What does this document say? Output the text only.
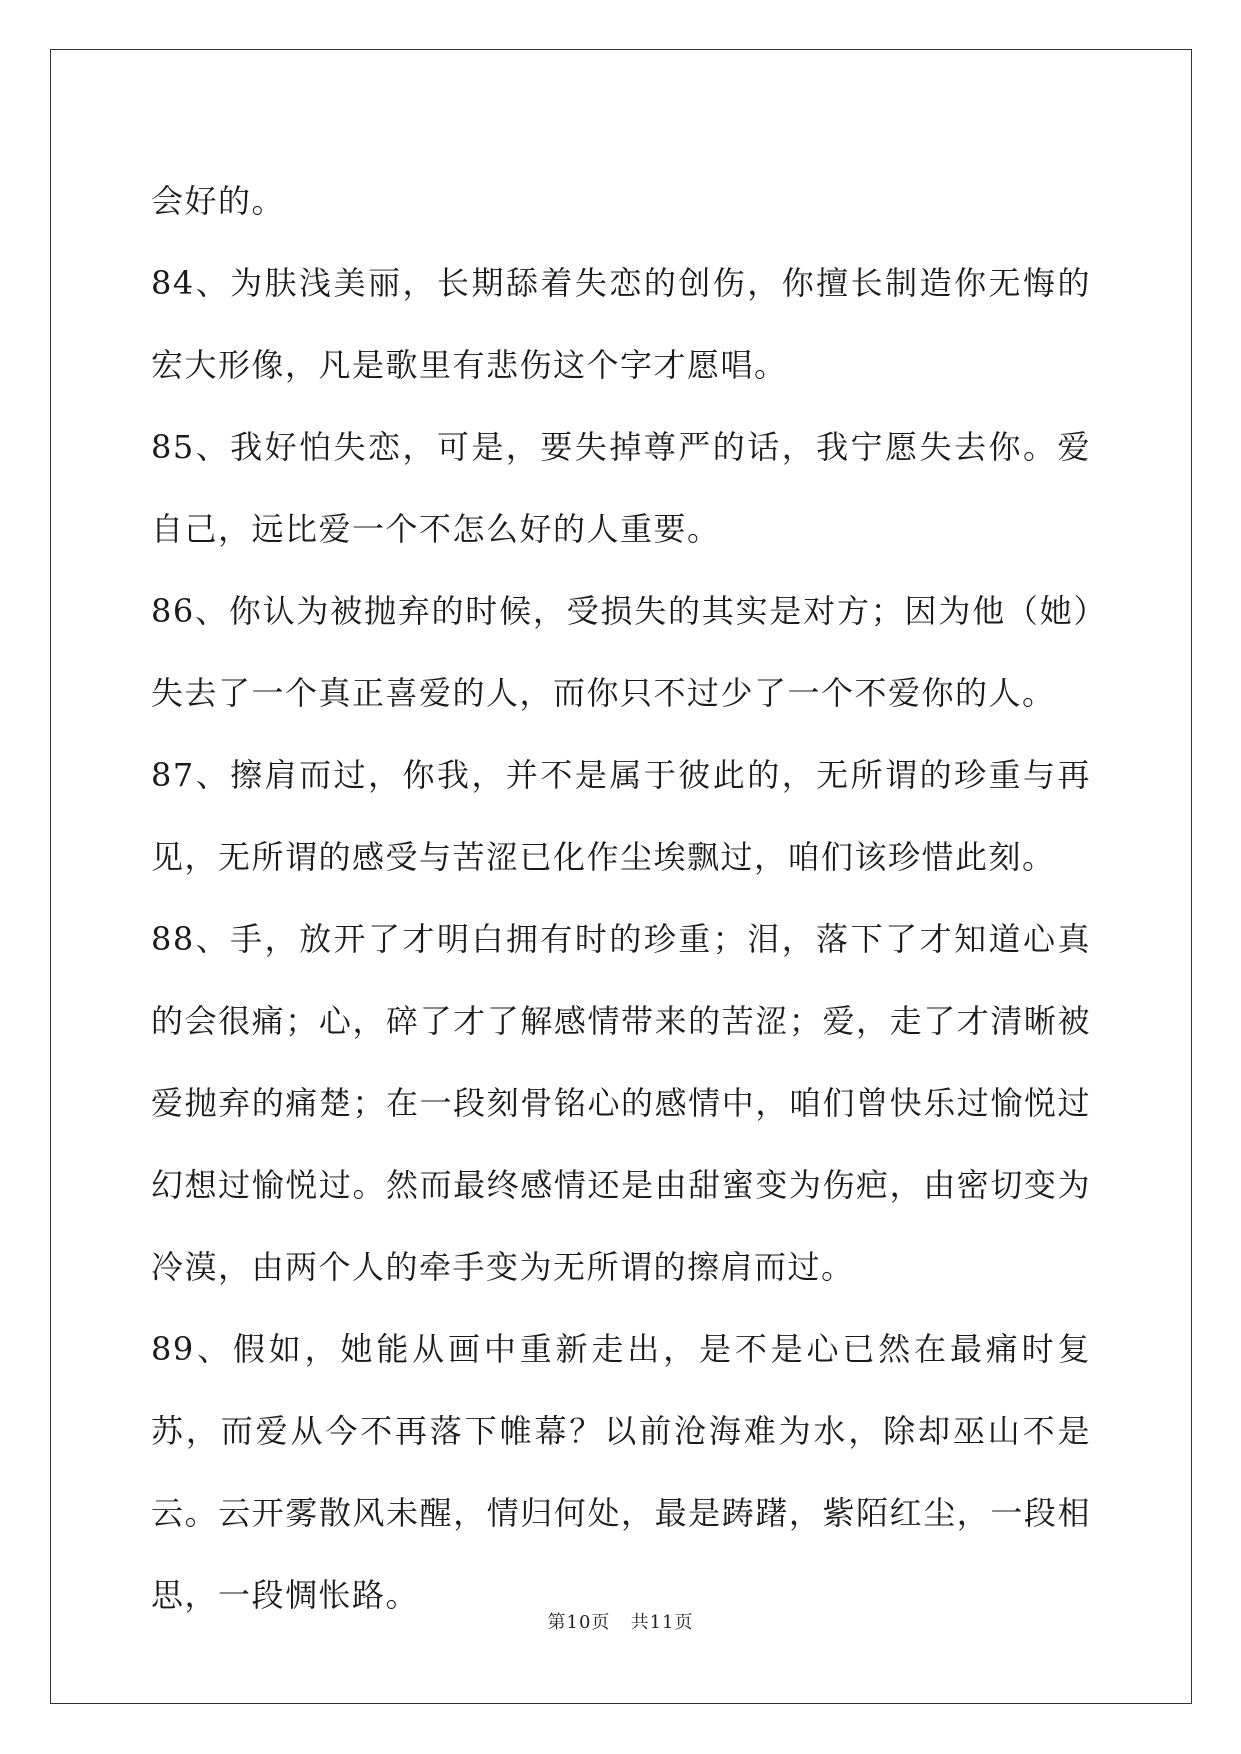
会好的。

84、为肤浅美丽，长期舔着失恋的创伤，你擅长制造你无悔的宏大形像，凡是歌里有悲伤这个字才愿唱。

85、我好怕失恋，可是，要失掉尊严的话，我宁愿失去你。爱自己，远比爱一个不怎么好的人重要。

86、你认为被抛弃的时候，受损失的其实是对方；因为他（她）失去了一个真正喜爱的人，而你只不过少了一个不爱你的人。

87、擦肩而过，你我，并不是属于彼此的，无所谓的珍重与再见，无所谓的感受与苦涩已化作尘埃飘过，咱们该珍惜此刻。

88、手，放开了才明白拥有时的珍重；泪，落下了才知道心真的会很痛；心，碎了才了解感情带来的苦涩；爱，走了才清晰被爱抛弃的痛楚；在一段刻骨铭心的感情中，咱们曾快乐过愉悦过幻想过愉悦过。然而最终感情还是由甜蜜变为伤疤，由密切变为冷漠，由两个人的牵手变为无所谓的擦肩而过。

89、假如，她能从画中重新走出，是不是心已然在最痛时复苏，而爱从今不再落下帷幕？以前沧海难为水，除却巫山不是云。云开雾散风未醒，情归何处，最是踌躇，紫陌红尘，一段相思，一段惆怅路。

第10页 共11页
